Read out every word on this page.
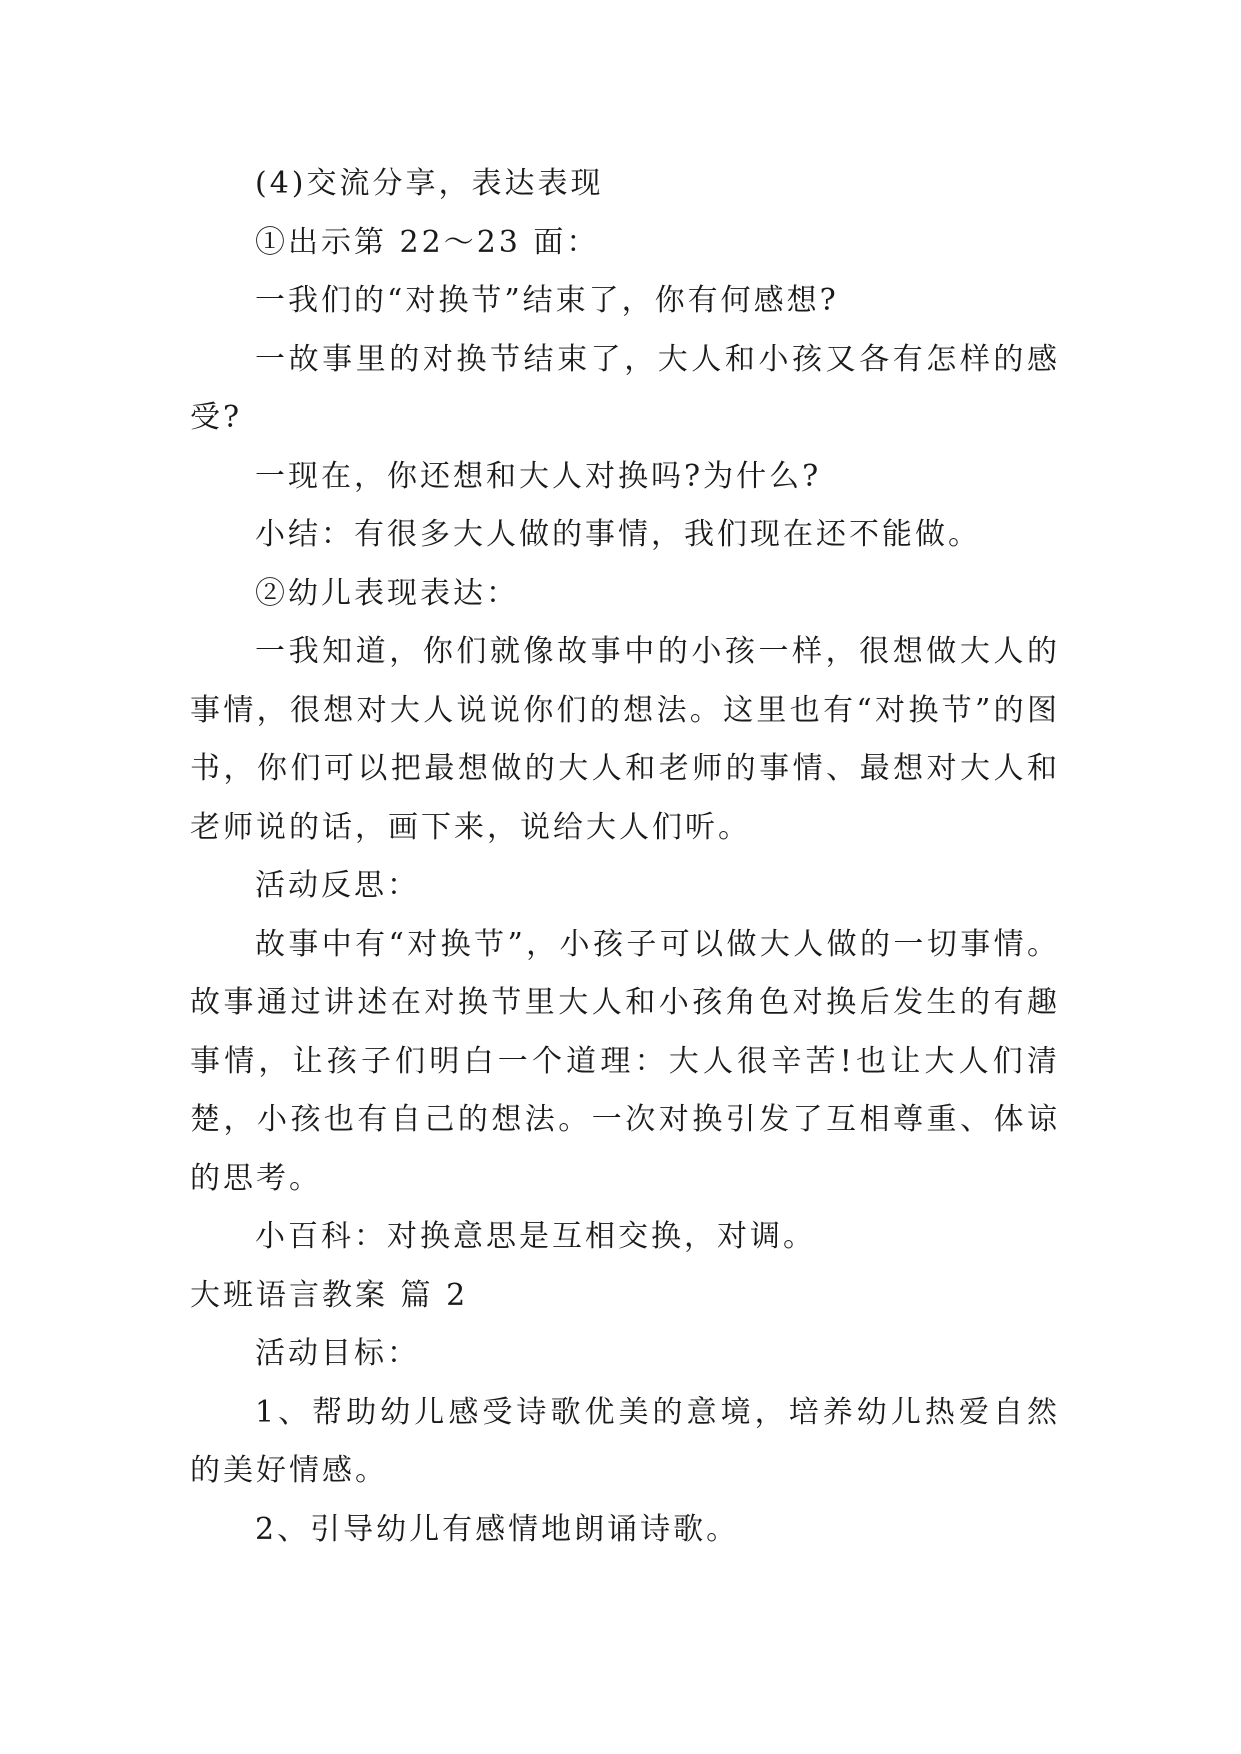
(4)交流分享，表达表现

①出示第 22～23 面：

一我们的“对换节”结束了，你有何感想?

一故事里的对换节结束了，大人和小孩又各有怎样的感受?

一现在，你还想和大人对换吗?为什么?

小结：有很多大人做的事情，我们现在还不能做。

②幼儿表现表达：

一我知道，你们就像故事中的小孩一样，很想做大人的事情，很想对大人说说你们的想法。这里也有“对换节”的图书，你们可以把最想做的大人和老师的事情、最想对大人和老师说的话，画下来，说给大人们听。

活动反思：

故事中有“对换节”，小孩子可以做大人做的一切事情。故事通过讲述在对换节里大人和小孩角色对换后发生的有趣事情，让孩子们明白一个道理：大人很辛苦!也让大人们清楚，小孩也有自己的想法。一次对换引发了互相尊重、体谅的思考。

小百科：对换意思是互相交换，对调。

大班语言教案 篇 2

活动目标：

1、帮助幼儿感受诗歌优美的意境，培养幼儿热爱自然的美好情感。

2、引导幼儿有感情地朗诵诗歌。
